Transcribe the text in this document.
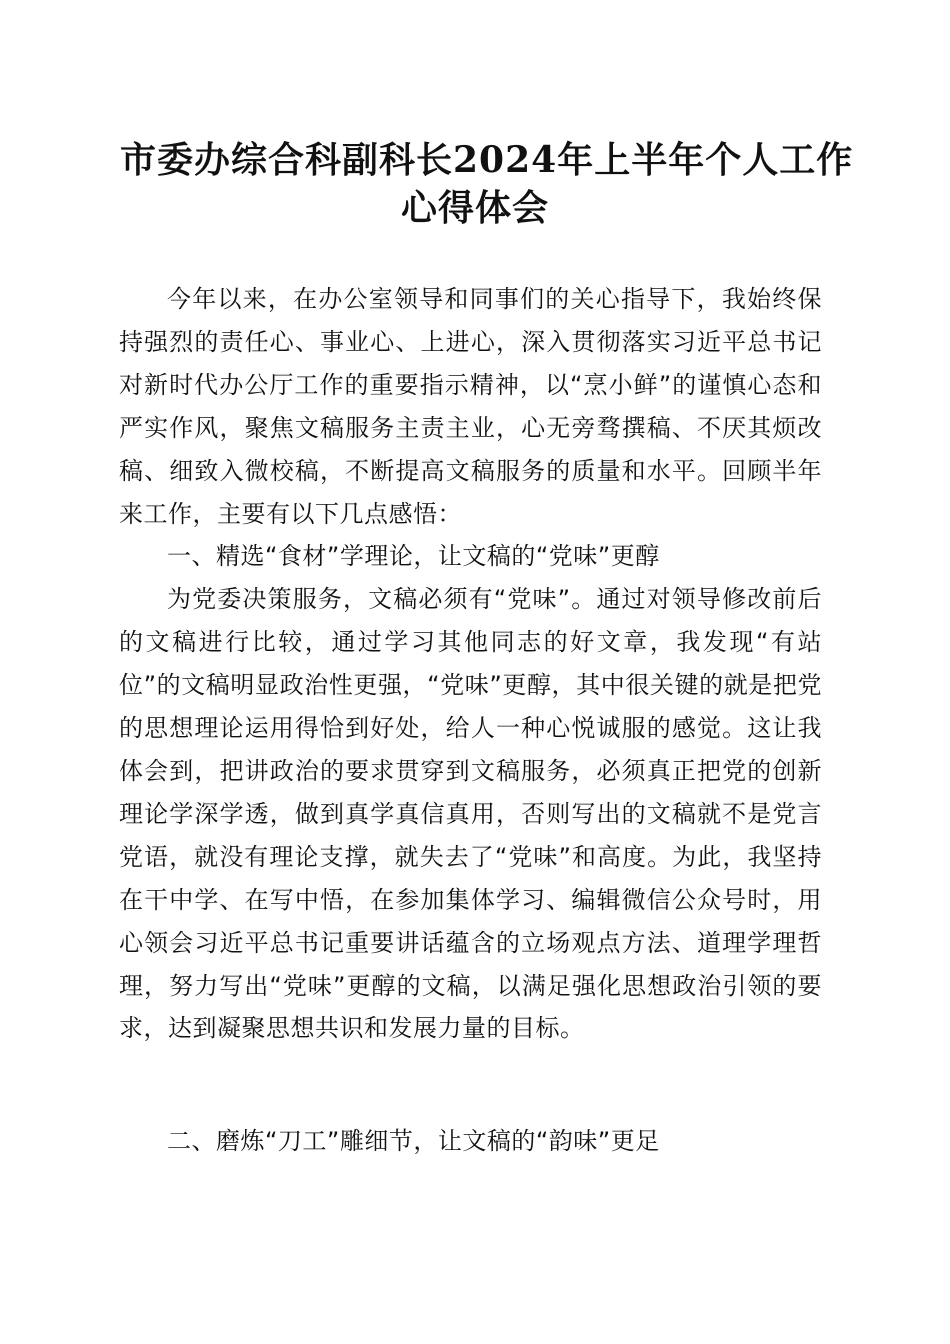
市委办综合科副科长2024年上半年个人工作
心得体会

今年以来，在办公室领导和同事们的关心指导下，我始终保持强烈的责任心、事业心、上进心，深入贯彻落实习近平总书记对新时代办公厅工作的重要指示精神，以“烹小鲜”的谨慎心态和严实作风，聚焦文稿服务主责主业，心无旁骛撰稿、不厌其烦改稿、细致入微校稿，不断提高文稿服务的质量和水平。回顾半年来工作，主要有以下几点感悟：

一、精选“食材”学理论，让文稿的“党味”更醇

为党委决策服务，文稿必须有“党味”。通过对领导修改前后的文稿进行比较，通过学习其他同志的好文章，我发现“有站位”的文稿明显政治性更强，“党味”更醇，其中很关键的就是把党的思想理论运用得恰到好处，给人一种心悦诚服的感觉。这让我体会到，把讲政治的要求贯穿到文稿服务，必须真正把党的创新理论学深学透，做到真学真信真用，否则写出的文稿就不是党言党语，就没有理论支撑，就失去了“党味”和高度。为此，我坚持在干中学、在写中悟，在参加集体学习、编辑微信公众号时，用心领会习近平总书记重要讲话蕴含的立场观点方法、道理学理哲理，努力写出“党味”更醇的文稿，以满足强化思想政治引领的要求，达到凝聚思想共识和发展力量的目标。

二、磨炼“刀工”雕细节，让文稿的“韵味”更足
